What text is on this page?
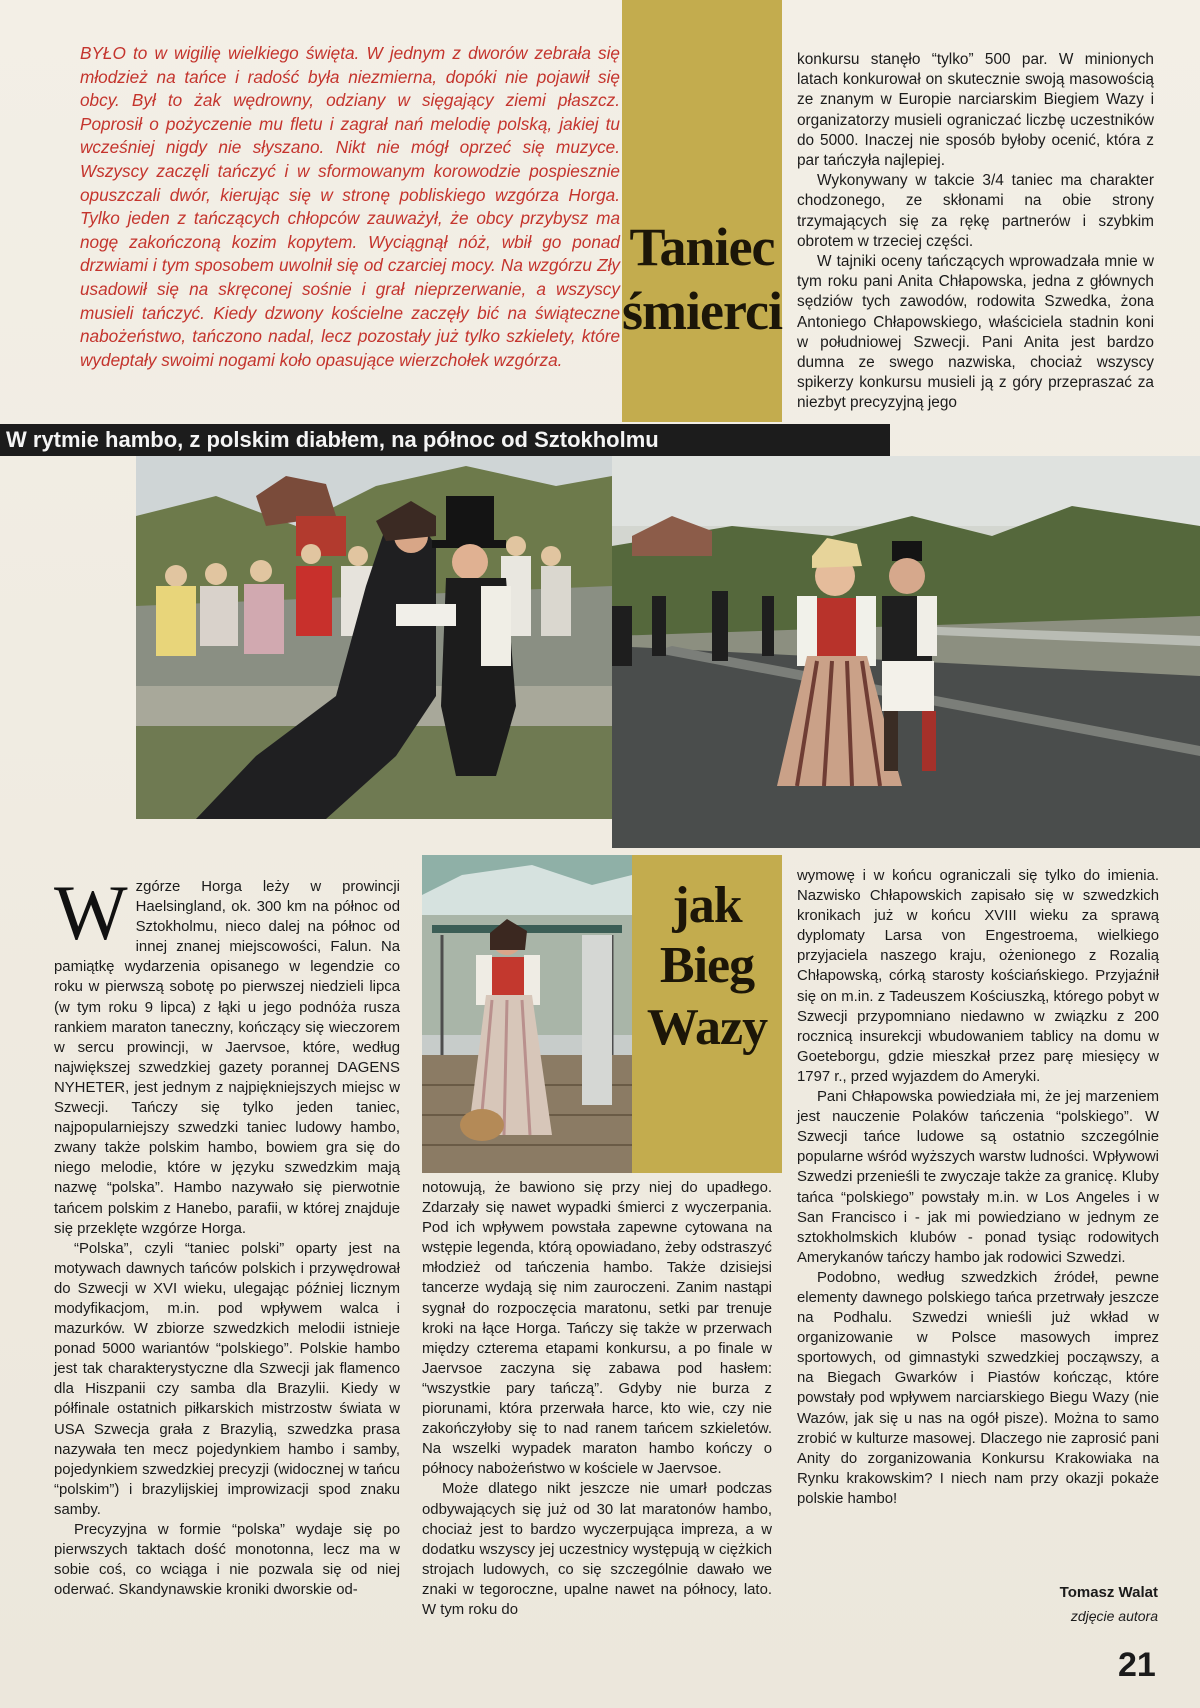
BYŁO to w wigilię wielkiego święta. W jednym z dworów zebrała się młodzież na tańce i radość była niezmierna, dopóki nie pojawił się obcy. Był to żak wędrowny, odziany w sięgający ziemi płaszcz. Poprosił o pożyczenie mu fletu i zagrał nań melodię polską, jakiej tu wcześniej nigdy nie słyszano. Nikt nie mógł oprzeć się muzyce. Wszyscy zaczęli tańczyć i w sformowanym korowodzie pospiesznie opuszczali dwór, kierując się w stronę pobliskiego wzgórza Horga. Tylko jeden z tańczących chłopców zauważył, że obcy przybysz ma nogę zakończoną kozim kopytem. Wyciągnął nóż, wbił go ponad drzwiami i tym sposobem uwolnił się od czarciej mocy. Na wzgórzu Zły usadowił się na skręconej sośnie i grał nieprzerwanie, a wszyscy musieli tańczyć. Kiedy dzwony kościelne zaczęły bić na świąteczne nabożeństwo, tańczono nadal, lecz pozostały już tylko szkielety, które wydeptały swoimi nogami koło opasujące wierzchołek wzgórza.
Taniec
śmierci

konkursu stanęło “tylko” 500 par. W minionych latach konkurował on skutecznie swoją masowością ze znanym w Europie narciarskim Biegiem Wazy i organizatorzy musieli ograniczać liczbę uczestników do 5000. Inaczej nie sposób byłoby ocenić, która z par tańczyła najlepiej.

Wykonywany w takcie 3/4 taniec ma charakter chodzonego, ze skłonami na obie strony trzymających się za rękę partnerów i szybkim obrotem w trzeciej części.

W tajniki oceny tańczących wprowadzała mnie w tym roku pani Anita Chłapowska, jedna z głównych sędziów tych zawodów, rodowita Szwedka, żona Antoniego Chłapowskiego, właściciela stadnin koni w południowej Szwecji. Pani Anita jest bardzo dumna ze swego nazwiska, chociaż wszyscy spikerzy konkursu musieli ją z góry przepraszać za niezbyt precyzyjną jego

W rytmie hambo, z polskim diabłem, na północ od Sztokholmu
jak
Bieg
Wazy
W zgórze Horga leży w prowincji Haelsingland, ok. 300 km na północ od Sztokholmu, nieco dalej na północ od innej znanej miejscowości, Falun. Na pamiątkę wydarzenia opisanego w legendzie co roku w pierwszą sobotę po pierwszej niedzieli lipca (w tym roku 9 lipca) z łąki u jego podnóża rusza rankiem maraton taneczny, kończący się wieczorem w sercu prowincji, w Jaervsoe, które, według największej szwedzkiej gazety porannej DAGENS NYHETER, jest jednym z najpiękniejszych miejsc w Szwecji. Tańczy się tylko jeden taniec, najpopularniejszy szwedzki taniec ludowy hambo, zwany także polskim hambo, bowiem gra się do niego melodie, które w języku szwedzkim mają nazwę “polska”. Hambo nazywało się pierwotnie tańcem polskim z Hanebo, parafii, w której znajduje się przeklęte wzgórze Horga.

“Polska”, czyli “taniec polski” oparty jest na motywach dawnych tańców polskich i przywędrował do Szwecji w XVI wieku, ulegając później licznym modyfikacjom, m.in. pod wpływem walca i mazurków. W zbiorze szwedzkich melodii istnieje ponad 5000 wariantów “polskiego”. Polskie hambo jest tak charakterystyczne dla Szwecji jak flamenco dla Hiszpanii czy samba dla Brazylii. Kiedy w półfinale ostatnich piłkarskich mistrzostw świata w USA Szwecja grała z Brazylią, szwedzka prasa nazywała ten mecz pojedynkiem hambo i samby, pojedynkiem szwedzkiej precyzji (widocznej w tańcu “polskim”) i brazylijskiej improwizacji spod znaku samby.

Precyzyjna w formie “polska” wydaje się po pierwszych taktach dość monotonna, lecz ma w sobie coś, co wciąga i nie pozwala się od niej oderwać. Skandynawskie kroniki dworskie od-

notowują, że bawiono się przy niej do upadłego. Zdarzały się nawet wypadki śmierci z wyczerpania. Pod ich wpływem powstała zapewne cytowana na wstępie legenda, którą opowiadano, żeby odstraszyć młodzież od tańczenia hambo. Także dzisiejsi tancerze wydają się nim zauroczeni. Zanim nastąpi sygnał do rozpoczęcia maratonu, setki par trenuje kroki na łące Horga. Tańczy się także w przerwach między czterema etapami konkursu, a po finale w Jaervsoe zaczyna się zabawa pod hasłem: “wszystkie pary tańczą”. Gdyby nie burza z piorunami, która przerwała harce, kto wie, czy nie zakończyłoby się to nad ranem tańcem szkieletów. Na wszelki wypadek maraton hambo kończy o północy nabożeństwo w kościele w Jaervsoe.

Może dlatego nikt jeszcze nie umarł podczas odbywających się już od 30 lat maratonów hambo, chociaż jest to bardzo wyczerpująca impreza, a w dodatku wszyscy jej uczestnicy występują w ciężkich strojach ludowych, co się szczególnie dawało we znaki w tegoroczne, upalne nawet na północy, lato. W tym roku do

wymowę i w końcu ograniczali się tylko do imienia. Nazwisko Chłapowskich zapisało się w szwedzkich kronikach już w końcu XVIII wieku za sprawą dyplomaty Larsa von Engestroema, wielkiego przyjaciela naszego kraju, ożenionego z Rozalią Chłapowską, córką starosty kościańskiego. Przyjaźnił się on m.in. z Tadeuszem Kościuszką, którego pobyt w Szwecji przypomniano niedawno w związku z 200 rocznicą insurekcji wbudowaniem tablicy na domu w Goeteborgu, gdzie mieszkał przez parę miesięcy w 1797 r., przed wyjazdem do Ameryki.

Pani Chłapowska powiedziała mi, że jej marzeniem jest nauczenie Polaków tańczenia “polskiego”. W Szwecji tańce ludowe są ostatnio szczególnie popularne wśród wyższych warstw ludności. Wpływowi Szwedzi przenieśli te zwyczaje także za granicę. Kluby tańca “polskiego” powstały m.in. w Los Angeles i w San Francisco i - jak mi powiedziano w jednym ze sztokholmskich klubów - ponad tysiąc rodowitych Amerykanów tańczy hambo jak rodowici Szwedzi.

Podobno, według szwedzkich źródeł, pewne elementy dawnego polskiego tańca przetrwały jeszcze na Podhalu. Szwedzi wnieśli już wkład w organizowanie w Polsce masowych imprez sportowych, od gimnastyki szwedzkiej począwszy, a na Biegach Gwarków i Piastów kończąc, które powstały pod wpływem narciarskiego Biegu Wazy (nie Wazów, jak się u nas na ogół pisze). Można to samo zrobić w kulturze masowej. Dlaczego nie zaprosić pani Anity do zorganizowania Konkursu Krakowiaka na Rynku krakowskim? I niech nam przy okazji pokaże polskie hambo!

Tomasz Walat
zdjęcie autora
21
